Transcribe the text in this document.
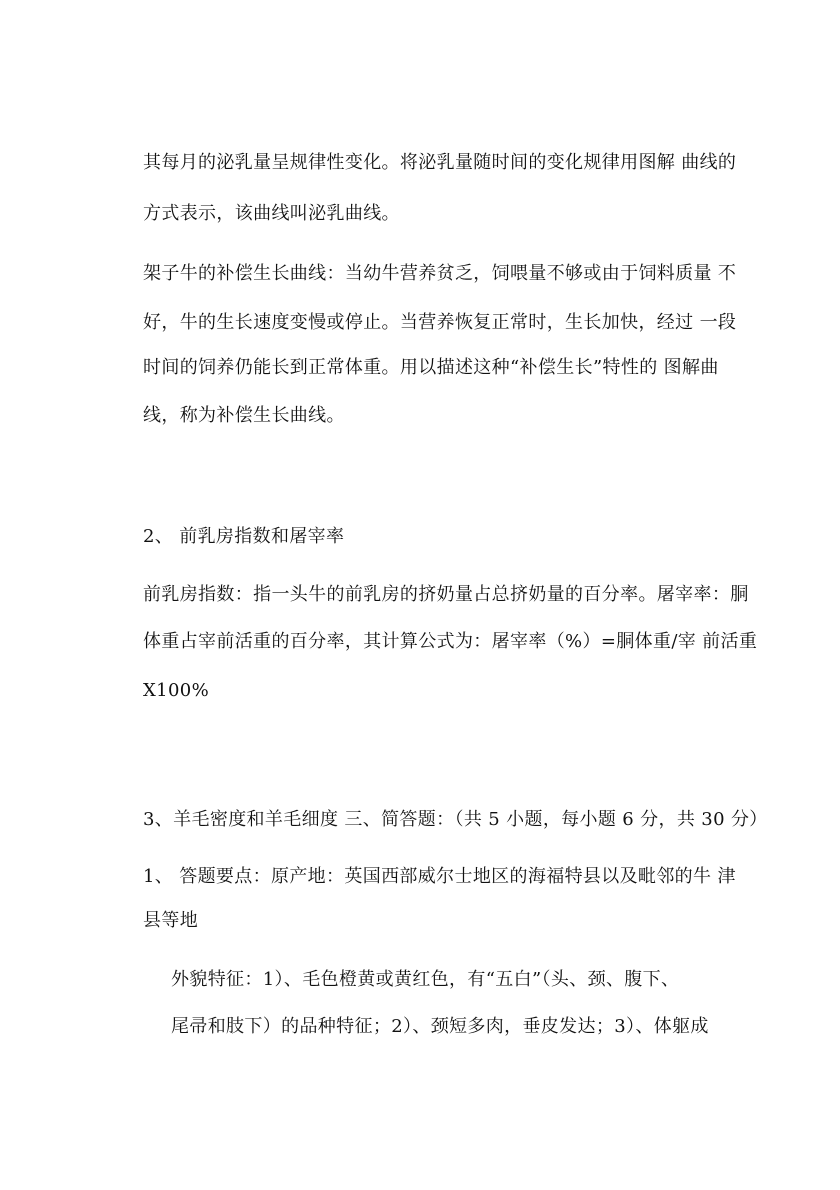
其每月的泌乳量呈规律性变化。将泌乳量随时间的变化规律用图解 曲线的
方式表示，该曲线叫泌乳曲线。
架子牛的补偿生长曲线：当幼牛营养贫乏，饲喂量不够或由于饲料质量 不
好，牛的生长速度变慢或停止。当营养恢复正常时，生长加快，经过 一段
时间的饲养仍能长到正常体重。用以描述这种“补偿生长”特性的 图解曲
线，称为补偿生长曲线。
2、 前乳房指数和屠宰率
前乳房指数：指一头牛的前乳房的挤奶量占总挤奶量的百分率。屠宰率：胴
体重占宰前活重的百分率，其计算公式为：屠宰率（%）=胴体重/宰 前活重
X100%
3、羊毛密度和羊毛细度 三、简答题：（共 5 小题，每小题 6 分，共 30 分）
1、 答题要点：原产地：英国西部威尔士地区的海福特县以及毗邻的牛 津
县等地
外貌特征：1）、毛色橙黄或黄红色，有“五白”（头、颈、腹下、
尾帚和肢下）的品种特征；2）、颈短多肉，垂皮发达；3）、体躯成
